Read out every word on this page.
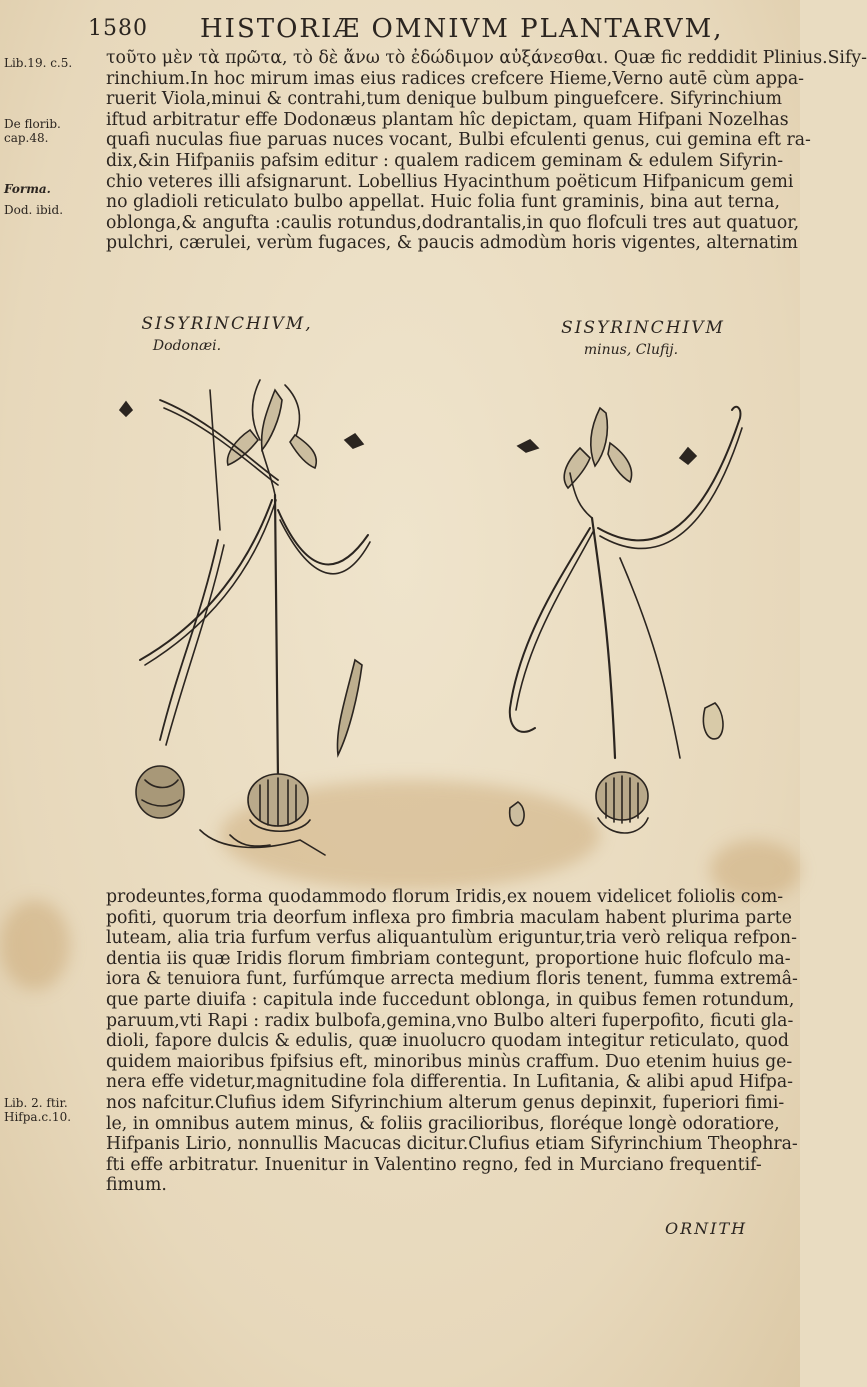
1580 HISTORIÆ OMNIVM PLANTARVM,
Lib.19. c.5.
De florib.
cap.48.
Forma.
Dod. ibid.
Lib. 2. ftir.
Hifpa.c.10.
τοῦτο μὲν τὰ πρῶτα, τὸ δὲ ἄνω τὸ ἐδώδιμον αὐξάνεσθαι. Quæ fic reddidit Plinius.Sify-
rinchium.In hoc mirum imas eius radices crefcere Hieme,Verno autē cùm appa-
ruerit Viola,minui & contrahi,tum denique bulbum pinguefcere. Sifyrinchium
iftud arbitratur effe Dodonæus plantam hîc depictam, quam Hifpani Nozelhas
quafi nuculas fiue paruas nuces vocant, Bulbi efculenti genus, cui gemina eft ra-
dix,&in Hifpaniis pafsim editur : qualem radicem geminam & edulem Sifyrin-
chio veteres illi afsignarunt. Lobellius Hyacinthum poëticum Hifpanicum gemi
no gladioli reticulato bulbo appellat. Huic folia funt graminis, bina aut terna,
oblonga,& angufta :caulis rotundus,dodrantalis,in quo flofculi tres aut quatuor,
pulchri, cærulei, verùm fugaces, & paucis admodùm horis vigentes, alternatim
SISYRINCHIVM,
Dodonæi.
SISYRINCHIVM
minus, Clufij.
prodeuntes,forma quodammodo florum Iridis,ex nouem videlicet foliolis com-
pofiti, quorum tria deorfum inflexa pro fimbria maculam habent plurima parte
luteam, alia tria furfum verfus aliquantulùm eriguntur,tria verò reliqua refpon-
dentia iis quæ Iridis florum fimbriam contegunt, proportione huic flofculo ma-
iora & tenuiora funt, furfúmque arrecta medium floris tenent, fumma extremâ-
que parte diuifa : capitula inde fuccedunt oblonga, in quibus femen rotundum,
paruum,vti Rapi : radix bulbofa,gemina,vno Bulbo alteri fuperpofito, ficuti gla-
dioli, fapore dulcis & edulis, quæ inuolucro quodam integitur reticulato, quod
quidem maioribus fpifsius eft, minoribus minùs craffum. Duo etenim huius ge-
nera effe videtur,magnitudine fola differentia. In Lufitania, & alibi apud Hifpa-
nos nafcitur.Clufius idem Sifyrinchium alterum genus depinxit, fuperiori fimi-
le, in omnibus autem minus, & foliis gracilioribus, floréque longè odoratiore,
Hifpanis Lirio, nonnullis Macucas dicitur.Clufius etiam Sifyrinchium Theophra-
fti effe arbitratur. Inuenitur in Valentino regno, fed in Murciano frequentif-
fimum.
ORNITH
